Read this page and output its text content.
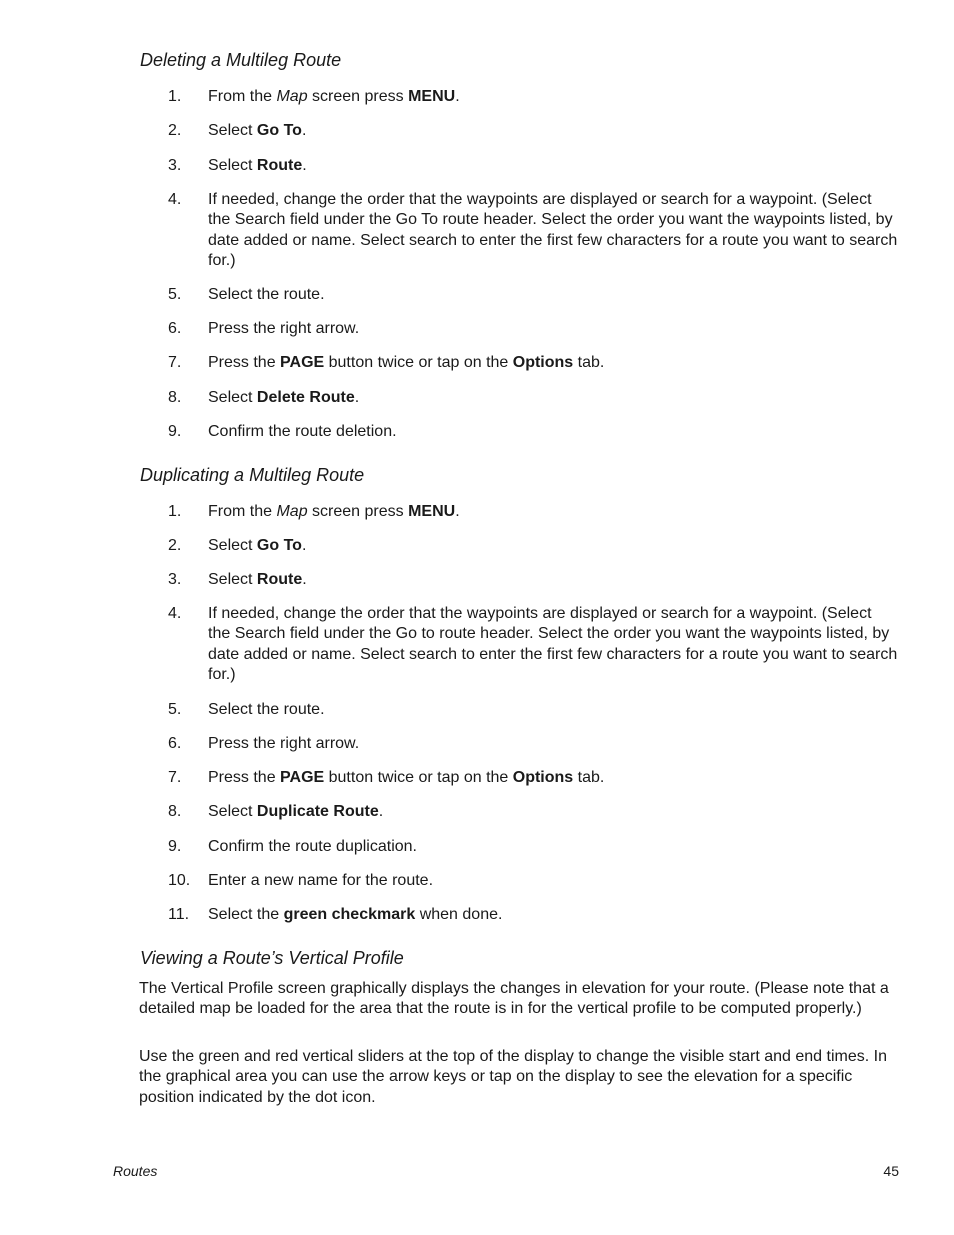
Deleting a Multileg Route
1. From the Map screen press MENU.
2. Select Go To.
3. Select Route.
4. If needed, change the order that the waypoints are displayed or search for a waypoint. (Select the Search field under the Go To route header. Select the order you want the waypoints listed, by date added or name. Select search to enter the first few characters for a route you want to search for.)
5. Select the route.
6. Press the right arrow.
7. Press the PAGE button twice or tap on the Options tab.
8. Select Delete Route.
9. Confirm the route deletion.
Duplicating a Multileg Route
1. From the Map screen press MENU.
2. Select Go To.
3. Select Route.
4. If needed, change the order that the waypoints are displayed or search for a waypoint. (Select the Search field under the Go to route header. Select the order you want the waypoints listed, by date added or name. Select search to enter the first few characters for a route you want to search for.)
5. Select the route.
6. Press the right arrow.
7. Press the PAGE button twice or tap on the Options tab.
8. Select Duplicate Route.
9. Confirm the route duplication.
10. Enter a new name for the route.
11. Select the green checkmark when done.
Viewing a Route’s Vertical Profile

The Vertical Profile screen graphically displays the changes in elevation for your route. (Please note that a detailed map be loaded for the area that the route is in for the vertical profile to be computed properly.)

Use the green and red vertical sliders at the top of the display to change the visible start and end times. In the graphical area you can use the arrow keys or tap on the display to see the elevation for a specific position indicated by the dot icon.

Routes	45
